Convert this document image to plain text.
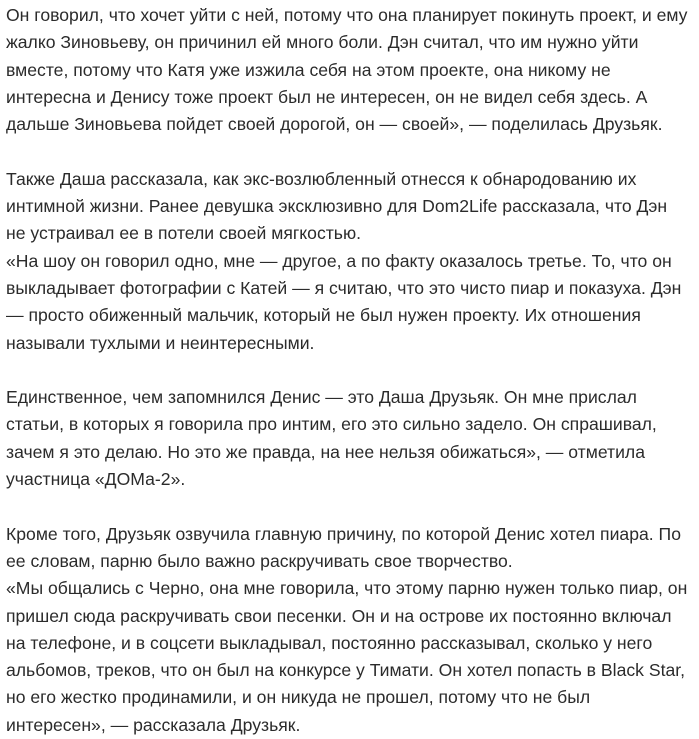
Он говорил, что хочет уйти с ней, потому что она планирует покинуть проект, и ему
жалко Зиновьеву, он причинил ей много боли. Дэн считал, что им нужно уйти
вместе, потому что Катя уже изжила себя на этом проекте, она никому не
интересна и Денису тоже проект был не интересен, он не видел себя здесь. А
дальше Зиновьева пойдет своей дорогой, он — своей», — поделилась Друзьяк.

Также Даша рассказала, как экс-возлюбленный отнесся к обнародованию их
интимной жизни. Ранее девушка эксклюзивно для Dom2Life рассказала, что Дэн
не устраивал ее в потели своей мягкостью.
«На шоу он говорил одно, мне — другое, а по факту оказалось третье. То, что он
выкладывает фотографии с Катей — я считаю, что это чисто пиар и показуха. Дэн
— просто обиженный мальчик, который не был нужен проекту. Их отношения
называли тухлыми и неинтересными.

Единственное, чем запомнился Денис — это Даша Друзьяк. Он мне прислал
статьи, в которых я говорила про интим, его это сильно задело. Он спрашивал,
зачем я это делаю. Но это же правда, на нее нельзя обижаться», — отметила
участница «ДОМа-2».

Кроме того, Друзьяк озвучила главную причину, по которой Денис хотел пиара. По
ее словам, парню было важно раскручивать свое творчество.
«Мы общались с Черно, она мне говорила, что этому парню нужен только пиар, он
пришел сюда раскручивать свои песенки. Он и на острове их постоянно включал
на телефоне, и в соцсети выкладывал, постоянно рассказывал, сколько у него
альбомов, треков, что он был на конкурсе у Тимати. Он хотел попасть в Black Star,
но его жестко продинамили, и он никуда не прошел, потому что не был
интересен», — рассказала Друзьяк.
